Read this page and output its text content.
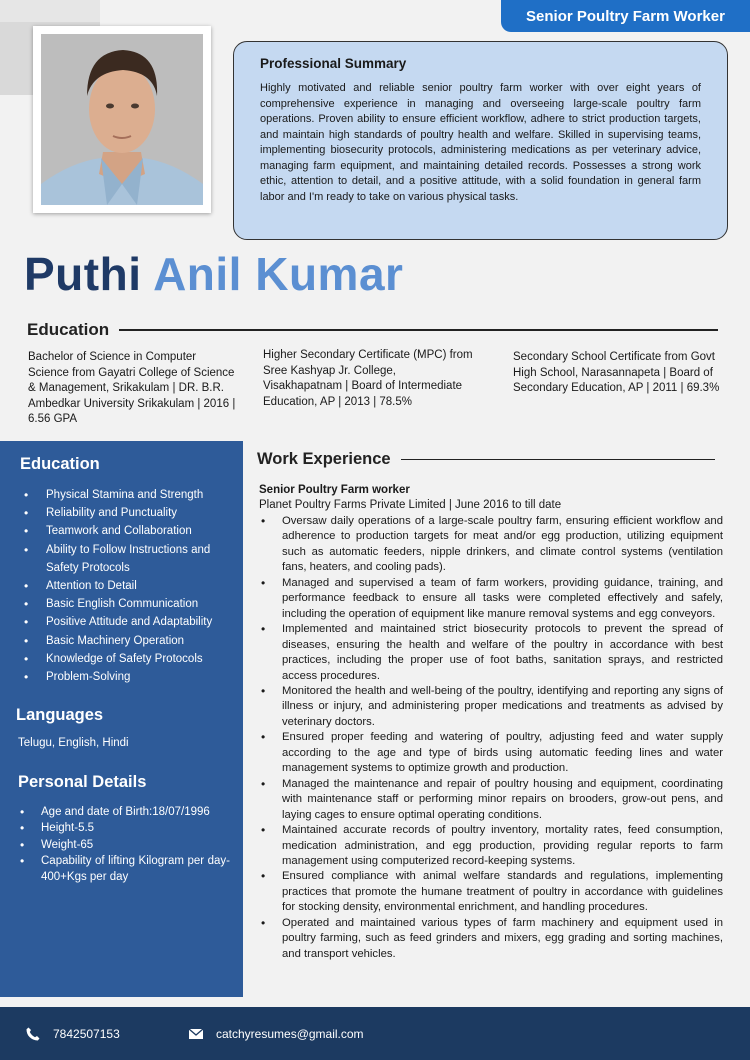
Senior Poultry Farm Worker
Professional Summary
Highly motivated and reliable senior poultry farm worker with over eight years of comprehensive experience in managing and overseeing large-scale poultry farm operations. Proven ability to ensure efficient workflow, adhere to strict production targets, and maintain high standards of poultry health and welfare. Skilled in supervising teams, implementing biosecurity protocols, administering medications as per veterinary advice, managing farm equipment, and maintaining detailed records. Possesses a strong work ethic, attention to detail, and a positive attitude, with a solid foundation in general farm labor and I'm ready to take on various physical tasks.
Puthi Anil Kumar
Education
Bachelor of Science in Computer Science from Gayatri College of Science & Management, Srikakulam | DR. B.R. Ambedkar University Srikakulam | 2016 | 6.56 GPA
Higher Secondary Certificate (MPC) from Sree Kashyap Jr. College, Visakhapatnam | Board of Intermediate Education, AP | 2013 | 78.5%
Secondary School Certificate from Govt High School, Narasannapeta | Board of Secondary Education, AP | 2011 | 69.3%
Education
• Physical Stamina and Strength
• Reliability and Punctuality
• Teamwork and Collaboration
• Ability to Follow Instructions and Safety Protocols
• Attention to Detail
• Basic English Communication
• Positive Attitude and Adaptability
• Basic Machinery Operation
• Knowledge of Safety Protocols
• Problem-Solving
Languages
Telugu, English, Hindi
Personal Details
• Age and date of Birth:18/07/1996
• Height-5.5
• Weight-65
• Capability of lifting Kilogram per day- 400+Kgs per day
Work Experience
Senior Poultry Farm worker
Planet Poultry Farms Private Limited | June 2016 to till date
• Oversaw daily operations of a large-scale poultry farm, ensuring efficient workflow and adherence to production targets for meat and/or egg production, utilizing equipment such as automatic feeders, nipple drinkers, and climate control systems (ventilation fans, heaters, and cooling pads).
• Managed and supervised a team of farm workers, providing guidance, training, and performance feedback to ensure all tasks were completed effectively and safely, including the operation of equipment like manure removal systems and egg conveyors.
• Implemented and maintained strict biosecurity protocols to prevent the spread of diseases, ensuring the health and welfare of the poultry in accordance with best practices, including the proper use of foot baths, sanitation sprays, and restricted access procedures.
• Monitored the health and well-being of the poultry, identifying and reporting any signs of illness or injury, and administering proper medications and treatments as advised by veterinary doctors.
• Ensured proper feeding and watering of poultry, adjusting feed and water supply according to the age and type of birds using automatic feeding lines and water management systems to optimize growth and production.
• Managed the maintenance and repair of poultry housing and equipment, coordinating with maintenance staff or performing minor repairs on brooders, grow-out pens, and laying cages to ensure optimal operating conditions.
• Maintained accurate records of poultry inventory, mortality rates, feed consumption, medication administration, and egg production, providing regular reports to farm management using computerized record-keeping systems.
• Ensured compliance with animal welfare standards and regulations, implementing practices that promote the humane treatment of poultry in accordance with guidelines for stocking density, environmental enrichment, and handling procedures.
• Operated and maintained various types of farm machinery and equipment used in poultry farming, such as feed grinders and mixers, egg grading and sorting machines, and transport vehicles.
7842507153	catchyresumes@gmail.com
